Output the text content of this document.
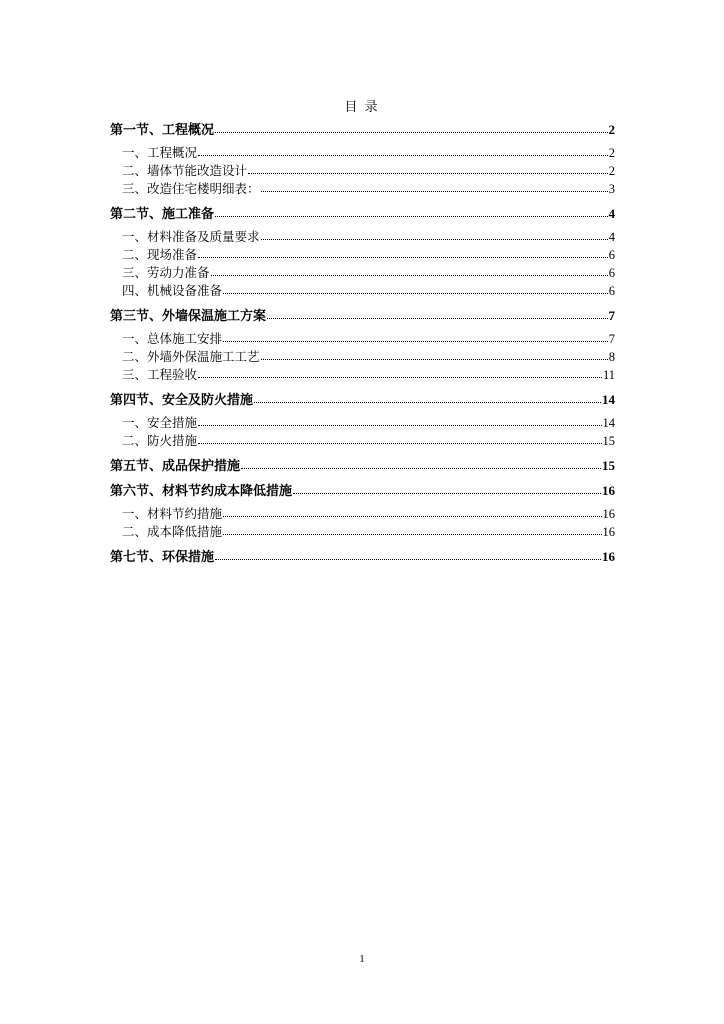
目 录
第一节、工程概况	2
一、工程概况	2
二、墙体节能改造设计	2
三、改造住宅楼明细表：	3
第二节、施工准备	4
一、材料准备及质量要求	4
二、现场准备	6
三、劳动力准备	6
四、机械设备准备	6
第三节、外墙保温施工方案	7
一、总体施工安排	7
二、外墙外保温施工工艺	8
三、工程验收	11
第四节、安全及防火措施	14
一、安全措施	14
二、防火措施	15
第五节、成品保护措施	15
第六节、材料节约成本降低措施	16
一、材料节约措施	16
二、成本降低措施	16
第七节、环保措施	16
1
